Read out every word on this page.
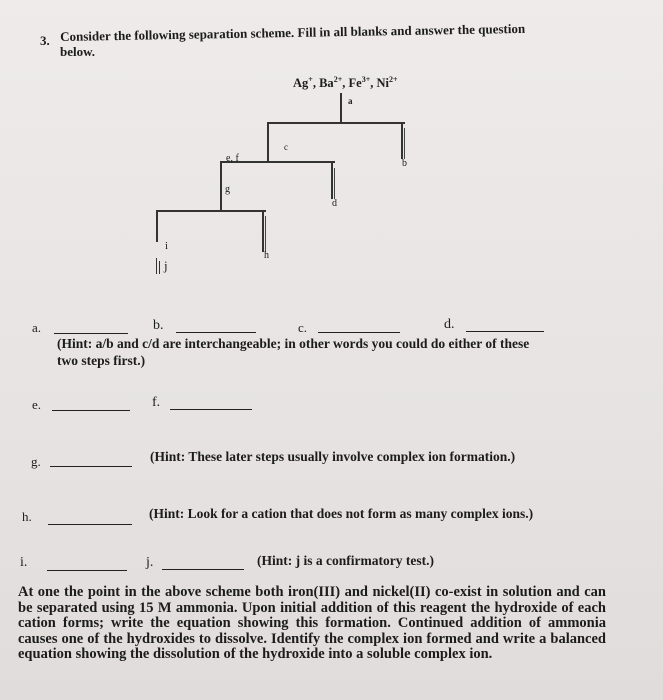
3. Consider the following separation scheme. Fill in all blanks and answer the question
below.
Ag+, $Ba^{2+}$, $Fe^{3+}$, $Ni^{2+}$
a
b
c
d
e, f
g
h
i
j
a.	b.	c.	d.
(Hint: a/b and c/d are interchangeable; in other words you could do either of these
two steps first.)
e.	f.
g.	(Hint: These later steps usually involve complex ion formation.)
h.	(Hint: Look for a cation that does not form as many complex ions.)
i.	j.	(Hint: j is a confirmatory test.)
At one the point in the above scheme both iron(III) and nickel(II) co-exist in solution and can be separated using 15 M ammonia. Upon initial addition of this reagent the hydroxide of each cation forms; write the equation showing this formation. Continued addition of ammonia causes one of the hydroxides to dissolve. Identify the complex ion formed and write a balanced equation showing the dissolution of the hydroxide into a soluble complex ion.
